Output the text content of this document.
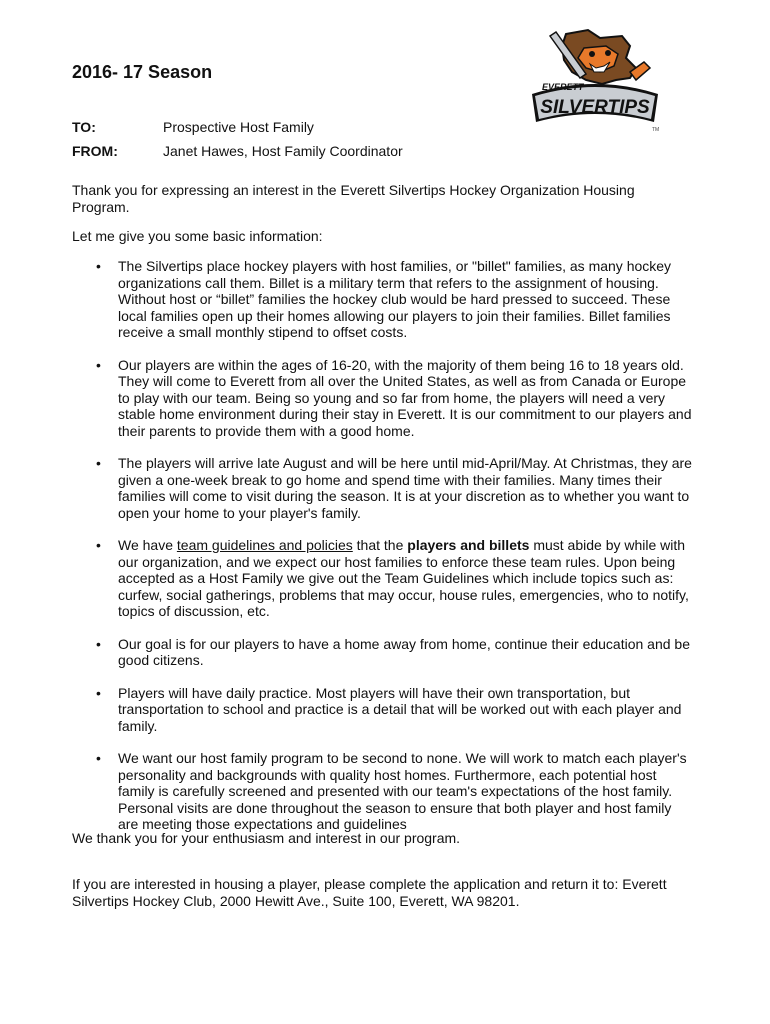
2016- 17 Season
EVERETT
SILVERTIPS
TM
TO:	Prospective Host Family
FROM:	Janet Hawes, Host Family Coordinator

Thank you for expressing an interest in the Everett Silvertips Hockey Organization Housing Program.

Let me give you some basic information:

• The Silvertips place hockey players with host families, or "billet" families, as many hockey organizations call them. Billet is a military term that refers to the assignment of housing. Without host or “billet” families the hockey club would be hard pressed to succeed. These local families open up their homes allowing our players to join their families. Billet families receive a small monthly stipend to offset costs.
• Our players are within the ages of 16-20, with the majority of them being 16 to 18 years old. They will come to Everett from all over the United States, as well as from Canada or Europe to play with our team. Being so young and so far from home, the players will need a very stable home environment during their stay in Everett. It is our commitment to our players and their parents to provide them with a good home.
• The players will arrive late August and will be here until mid-April/May. At Christmas, they are given a one-week break to go home and spend time with their families. Many times their families will come to visit during the season. It is at your discretion as to whether you want to open your home to your player's family.
• We have team guidelines and policies that the players and billets must abide by while with our organization, and we expect our host families to enforce these team rules. Upon being accepted as a Host Family we give out the Team Guidelines which include topics such as: curfew, social gatherings, problems that may occur, house rules, emergencies, who to notify, topics of discussion, etc.
• Our goal is for our players to have a home away from home, continue their education and be good citizens.
• Players will have daily practice. Most players will have their own transportation, but transportation to school and practice is a detail that will be worked out with each player and family.
• We want our host family program to be second to none. We will work to match each player's personality and backgrounds with quality host homes. Furthermore, each potential host family is carefully screened and presented with our team's expectations of the host family. Personal visits are done throughout the season to ensure that both player and host family are meeting those expectations and guidelines

We thank you for your enthusiasm and interest in our program.

If you are interested in housing a player, please complete the application and return it to: Everett Silvertips Hockey Club, 2000 Hewitt Ave., Suite 100, Everett, WA 98201.
